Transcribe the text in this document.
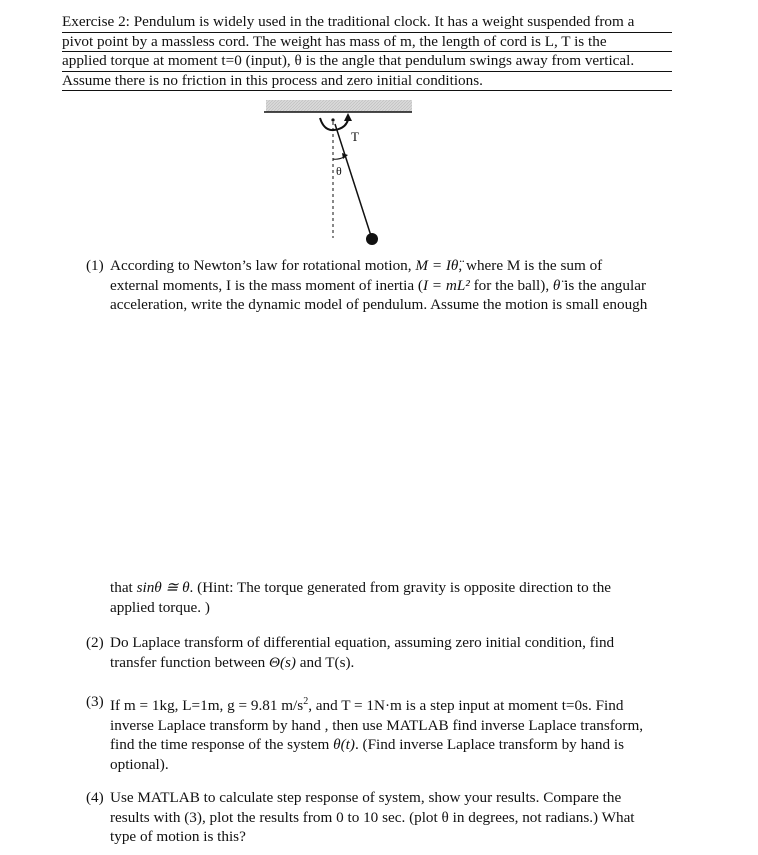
Exercise 2: Pendulum is widely used in the traditional clock. It has a weight suspended from a
pivot point by a massless cord. The weight has mass of m, the length of cord is L, T is the
applied torque at moment t=0 (input), θ is the angle that pendulum swings away from vertical.
Assume there is no friction in this process and zero initial conditions.
T
θ
(1) According to Newton’s law for rotational motion, M = Iθ̈, where M is the sum of
external moments, I is the mass moment of inertia (I = mL² for the ball), θ̈ is the angular
acceleration, write the dynamic model of pendulum. Assume the motion is small enough
that sinθ ≅ θ. (Hint: The torque generated from gravity is opposite direction to the
applied torque. )
(2) Do Laplace transform of differential equation, assuming zero initial condition, find
transfer function between Θ(s) and T(s).
(3) If m = 1kg, L=1m, g = 9.81 $m/s^2$, and T = 1N·m is a step input at moment t=0s. Find
inverse Laplace transform by hand , then use MATLAB find inverse Laplace transform,
find the time response of the system θ(t). (Find inverse Laplace transform by hand is
optional).
(4) Use MATLAB to calculate step response of system, show your results. Compare the
results with (3), plot the results from 0 to 10 sec. (plot θ in degrees, not radians.) What
type of motion is this?
